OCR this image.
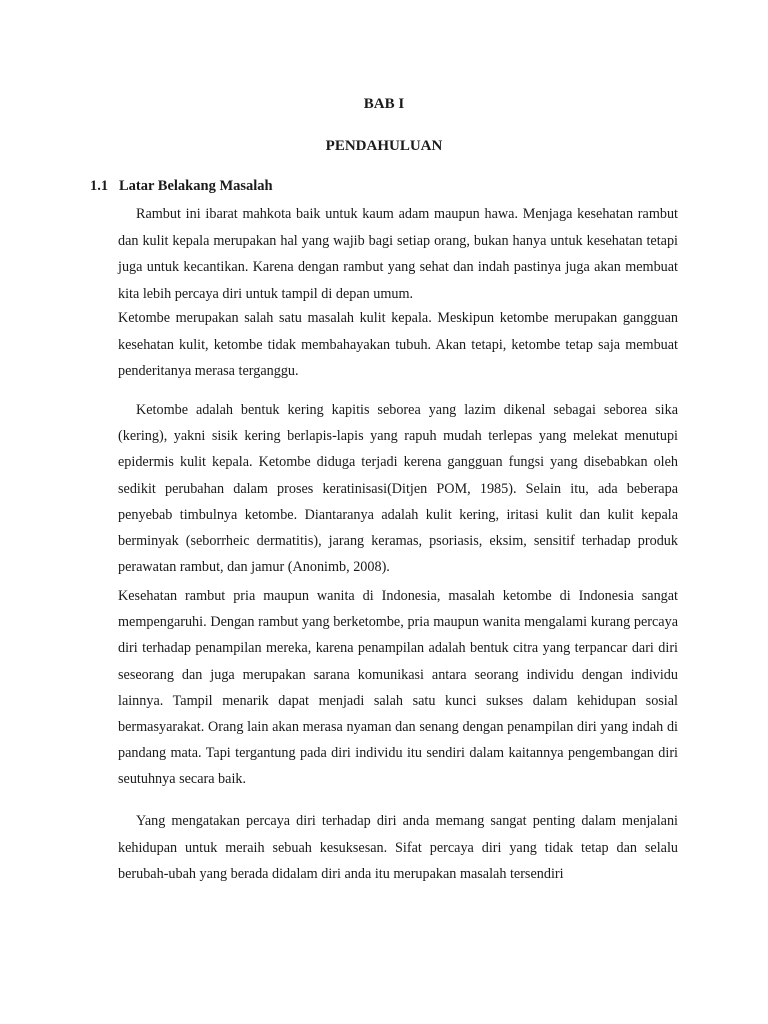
BAB I
PENDAHULUAN
1.1 Latar Belakang Masalah

Rambut ini ibarat mahkota baik untuk kaum adam maupun hawa. Menjaga kesehatan rambut dan kulit kepala merupakan hal yang wajib bagi setiap orang, bukan hanya untuk kesehatan tetapi juga untuk kecantikan. Karena dengan rambut yang sehat dan indah pastinya juga akan membuat kita lebih percaya diri untuk tampil di depan umum.

Ketombe merupakan salah satu masalah kulit kepala. Meskipun ketombe merupakan gangguan kesehatan kulit, ketombe tidak membahayakan tubuh. Akan tetapi, ketombe tetap saja membuat penderitanya merasa terganggu.

Ketombe adalah bentuk kering kapitis seborea yang lazim dikenal sebagai seborea sika (kering), yakni sisik kering berlapis-lapis yang rapuh mudah terlepas yang melekat menutupi epidermis kulit kepala. Ketombe diduga terjadi kerena gangguan fungsi yang disebabkan oleh sedikit perubahan dalam proses keratinisasi(Ditjen POM, 1985). Selain itu, ada beberapa penyebab timbulnya ketombe. Diantaranya adalah kulit kering, iritasi kulit dan kulit kepala berminyak (seborrheic dermatitis), jarang keramas, psoriasis, eksim, sensitif terhadap produk perawatan rambut, dan jamur (Anonimb, 2008).

Kesehatan rambut pria maupun wanita di Indonesia, masalah ketombe di Indonesia sangat mempengaruhi. Dengan rambut yang berketombe, pria maupun wanita mengalami kurang percaya diri terhadap penampilan mereka, karena penampilan adalah bentuk citra yang terpancar dari diri seseorang dan juga merupakan sarana komunikasi antara seorang individu dengan individu lainnya. Tampil menarik dapat menjadi salah satu kunci sukses dalam kehidupan sosial bermasyarakat. Orang lain akan merasa nyaman dan senang dengan penampilan diri yang indah di pandang mata. Tapi tergantung pada diri individu itu sendiri dalam kaitannya pengembangan diri seutuhnya secara baik.

Yang mengatakan percaya diri terhadap diri anda memang sangat penting dalam menjalani kehidupan untuk meraih sebuah kesuksesan. Sifat percaya diri yang tidak tetap dan selalu berubah-ubah yang berada didalam diri anda itu merupakan masalah tersendiri
